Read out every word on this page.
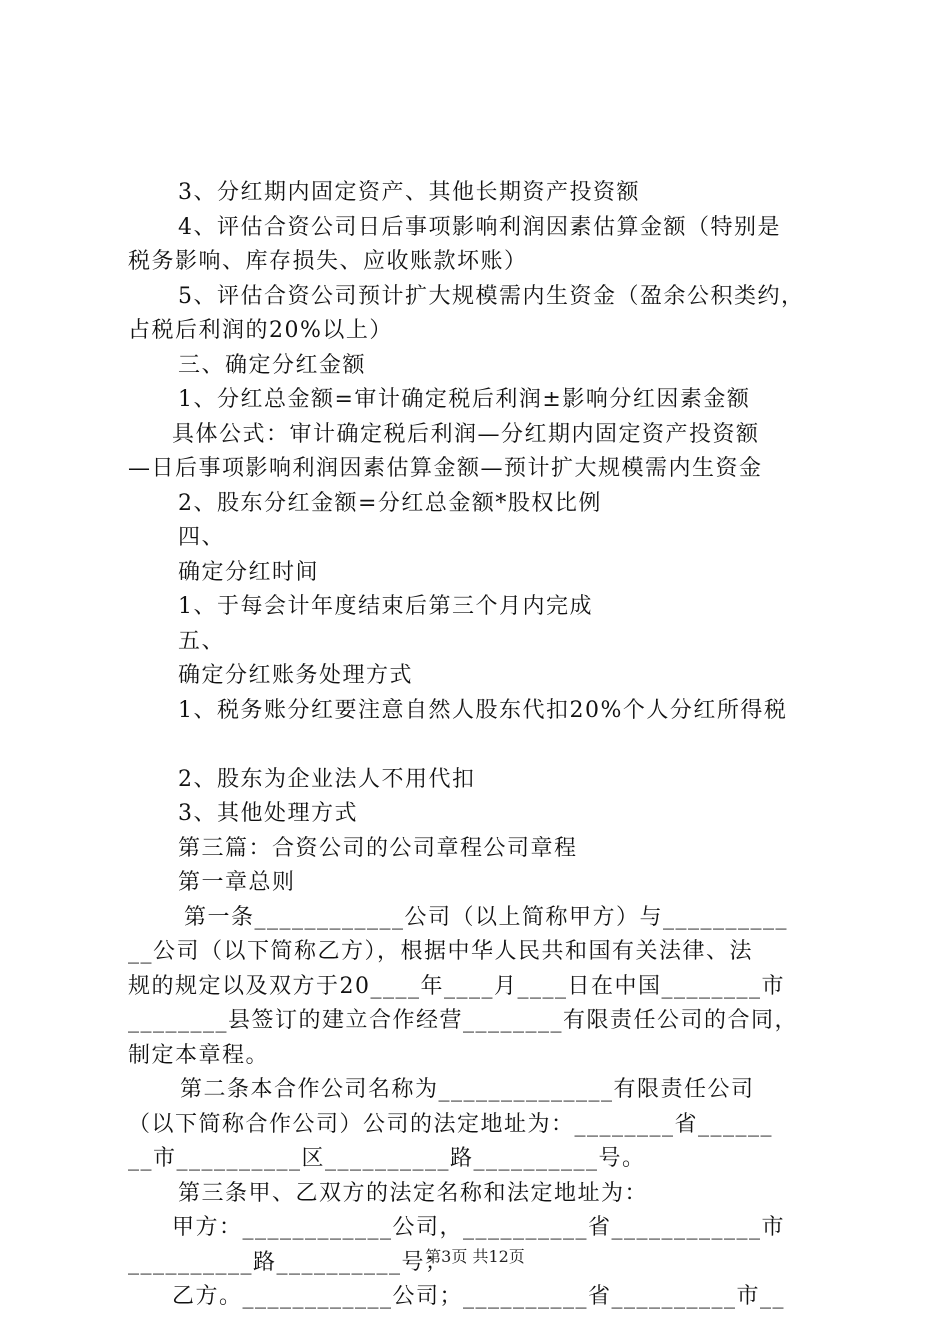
3、分红期内固定资产、其他长期资产投资额
4、评估合资公司日后事项影响利润因素估算金额（特别是
税务影响、库存损失、应收账款坏账）
5、评估合资公司预计扩大规模需内生资金（盈余公积类约，
占税后利润的20%以上）
三、确定分红金额
1、分红总金额=审计确定税后利润±影响分红因素金额
具体公式：审计确定税后利润—分红期内固定资产投资额
—日后事项影响利润因素估算金额—预计扩大规模需内生资金
2、股东分红金额=分红总金额*股权比例
四、
确定分红时间
1、于每会计年度结束后第三个月内完成
五、
确定分红账务处理方式
1、税务账分红要注意自然人股东代扣20%个人分红所得税
2、股东为企业法人不用代扣
3、其他处理方式
第三篇：合资公司的公司章程公司章程
第一章总则
第一条____________公司（以上简称甲方）与__________
__公司（以下简称乙方），根据中华人民共和国有关法律、法
规的规定以及双方于20____年____月____日在中国________市
________县签订的建立合作经营________有限责任公司的合同，
制定本章程。
第二条本合作公司名称为______________有限责任公司
（以下简称合作公司）公司的法定地址为：________省______
__市__________区__________路__________号。
第三条甲、乙双方的法定名称和法定地址为：
甲方：____________公司，__________省____________市
__________路__________号；
乙方。____________公司；__________省__________市__
第3页 共12页
